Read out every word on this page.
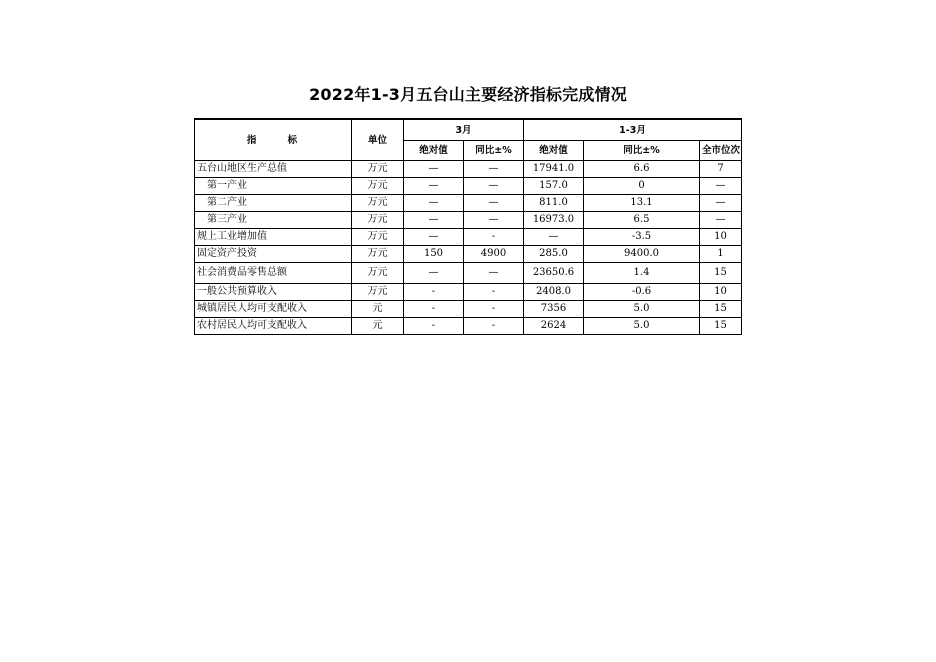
2022年1-3月五台山主要经济指标完成情况
指 标	单位	3月		1-3月		
		绝对值	同比±%	绝对值	同比±%	全市位次
五台山地区生产总值	万元	—	—	17941.0	6.6	7
第一产业	万元	—	—	157.0	0	—
第二产业	万元	—	—	811.0	13.1	—
第三产业	万元	—	—	16973.0	6.5	—
规上工业增加值	万元	—	-	—	-3.5	10
固定资产投资	万元	150	4900	285.0	9400.0	1
社会消费品零售总额	万元	—	—	23650.6	1.4	15
一般公共预算收入	万元	-	-	2408.0	-0.6	10
城镇居民人均可支配收入	元	-	-	7356	5.0	15
农村居民人均可支配收入	元	-	-	2624	5.0	15
